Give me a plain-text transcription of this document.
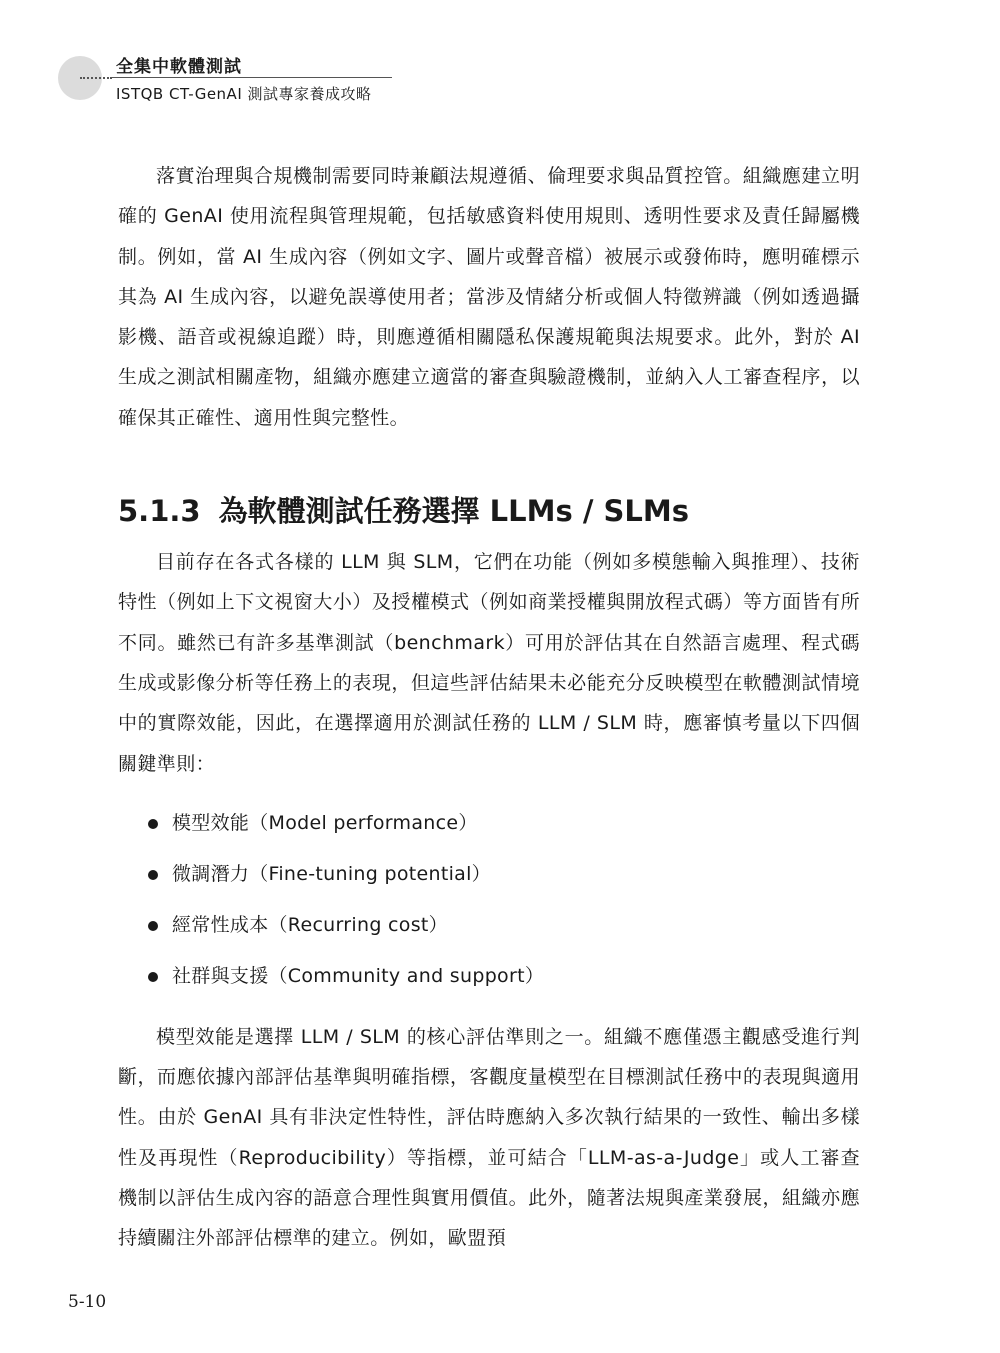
全集中軟體測試
ISTQB CT-GenAI 測試專家養成攻略

落實治理與合規機制需要同時兼顧法規遵循、倫理要求與品質控管。組織應建立明確的 GenAI 使用流程與管理規範，包括敏感資料使用規則、透明性要求及責任歸屬機制。例如，當 AI 生成內容（例如文字、圖片或聲音檔）被展示或發佈時，應明確標示其為 AI 生成內容，以避免誤導使用者；當涉及情緒分析或個人特徵辨識（例如透過攝影機、語音或視線追蹤）時，則應遵循相關隱私保護規範與法規要求。此外，對於 AI 生成之測試相關產物，組織亦應建立適當的審查與驗證機制，並納入人工審查程序，以確保其正確性、適用性與完整性。

5.1.3 為軟體測試任務選擇 LLMs / SLMs

目前存在各式各樣的 LLM 與 SLM，它們在功能（例如多模態輸入與推理）、技術特性（例如上下文視窗大小）及授權模式（例如商業授權與開放程式碼）等方面皆有所不同。雖然已有許多基準測試（benchmark）可用於評估其在自然語言處理、程式碼生成或影像分析等任務上的表現，但這些評估結果未必能充分反映模型在軟體測試情境中的實際效能，因此，在選擇適用於測試任務的 LLM / SLM 時，應審慎考量以下四個關鍵準則：

模型效能（Model performance）
微調潛力（Fine-tuning potential）
經常性成本（Recurring cost）
社群與支援（Community and support）

模型效能是選擇 LLM / SLM 的核心評估準則之一。組織不應僅憑主觀感受進行判斷，而應依據內部評估基準與明確指標，客觀度量模型在目標測試任務中的表現與適用性。由於 GenAI 具有非決定性特性，評估時應納入多次執行結果的一致性、輸出多樣性及再現性（Reproducibility）等指標，並可結合「LLM-as-a-Judge」或人工審查機制以評估生成內容的語意合理性與實用價值。此外，隨著法規與產業發展，組織亦應持續關注外部評估標準的建立。例如，歐盟預

5-10
